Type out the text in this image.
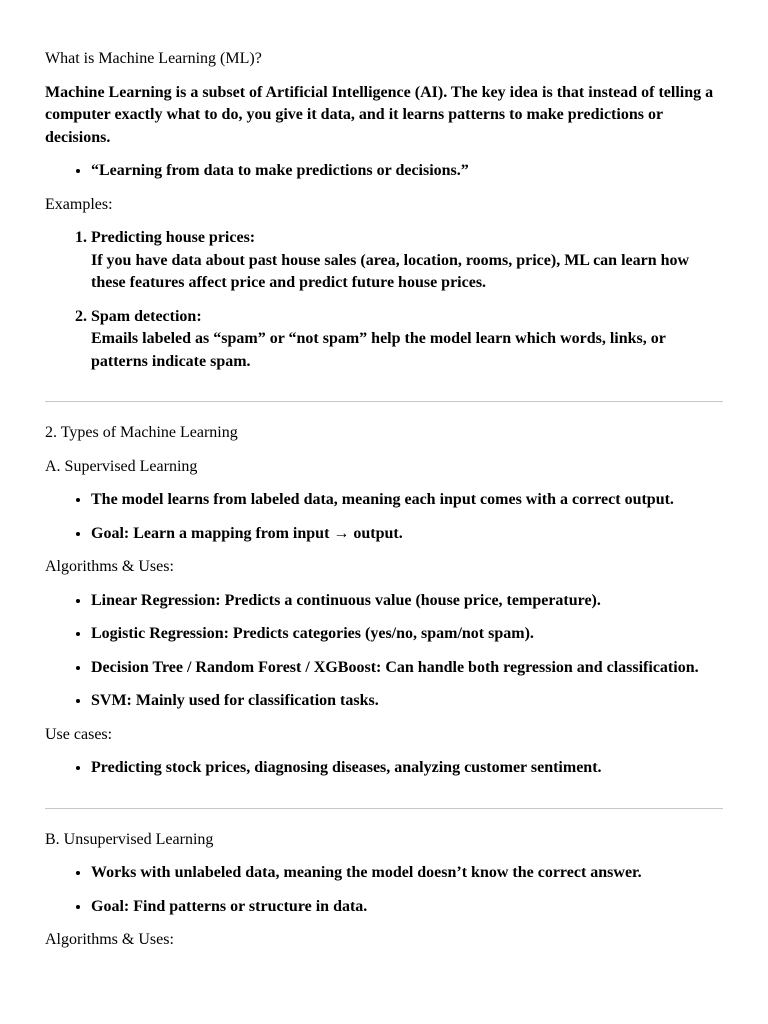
What is Machine Learning (ML)?

Machine Learning is a subset of Artificial Intelligence (AI). The key idea is that instead of telling a computer exactly what to do, you give it data, and it learns patterns to make predictions or decisions.

• “Learning from data to make predictions or decisions.”

Examples:

1. Predicting house prices:
If you have data about past house sales (area, location, rooms, price), ML can learn how these features affect price and predict future house prices.
2. Spam detection:
Emails labeled as “spam” or “not spam” help the model learn which words, links, or patterns indicate spam.

2. Types of Machine Learning

A. Supervised Learning

• The model learns from labeled data, meaning each input comes with a correct output.
• Goal: Learn a mapping from input → output.

Algorithms & Uses:

• Linear Regression: Predicts a continuous value (house price, temperature).
• Logistic Regression: Predicts categories (yes/no, spam/not spam).
• Decision Tree / Random Forest / XGBoost: Can handle both regression and classification.
• SVM: Mainly used for classification tasks.

Use cases:

• Predicting stock prices, diagnosing diseases, analyzing customer sentiment.

B. Unsupervised Learning

• Works with unlabeled data, meaning the model doesn’t know the correct answer.
• Goal: Find patterns or structure in data.

Algorithms & Uses:
